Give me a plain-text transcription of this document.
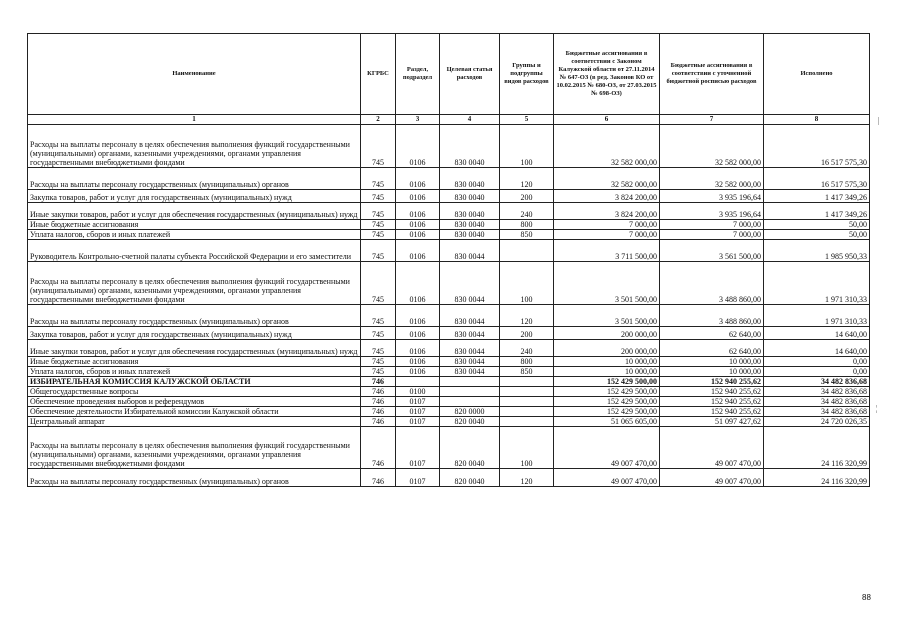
Наименование	КГРБС	Раздел, подраздел	Целевая статья расходов	Группы и подгруппы видов расходов	Бюджетные ассигнования в соответствии с Законом Калужской области от 27.11.2014 № 647-ОЗ (в ред. Законов КО от 10.02.2015 № 680-ОЗ, от 27.03.2015 № 698-ОЗ)	Бюджетные ассигнования в соответствии с уточненной бюджетной росписью расходов	Исполнено
1	2	3	4	5	6	7	8
Расходы на выплаты персоналу в целях обеспечения выполнения функций государственными (муниципальными) органами, казенными учреждениями, органами управления государственными внебюджетными фондами	745	0106	830 0040	100	32 582 000,00	32 582 000,00	16 517 575,30
Расходы на выплаты персоналу государственных (муниципальных) органов	745	0106	830 0040	120	32 582 000,00	32 582 000,00	16 517 575,30
Закупка товаров, работ и услуг для государственных (муниципальных) нужд	745	0106	830 0040	200	3 824 200,00	3 935 196,64	1 417 349,26
Иные закупки товаров, работ и услуг для обеспечения государственных (муниципальных) нужд	745	0106	830 0040	240	3 824 200,00	3 935 196,64	1 417 349,26
Иные бюджетные ассигнования	745	0106	830 0040	800	7 000,00	7 000,00	50,00
Уплата налогов, сборов и иных платежей	745	0106	830 0040	850	7 000,00	7 000,00	50,00
Руководитель Контрольно-счетной палаты субъекта Российской Федерации и его заместители	745	0106	830 0044		3 711 500,00	3 561 500,00	1 985 950,33
Расходы на выплаты персоналу в целях обеспечения выполнения функций государственными (муниципальными) органами, казенными учреждениями, органами управления государственными внебюджетными фондами	745	0106	830 0044	100	3 501 500,00	3 488 860,00	1 971 310,33
Расходы на выплаты персоналу государственных (муниципальных) органов	745	0106	830 0044	120	3 501 500,00	3 488 860,00	1 971 310,33
Закупка товаров, работ и услуг для государственных (муниципальных) нужд	745	0106	830 0044	200	200 000,00	62 640,00	14 640,00
Иные закупки товаров, работ и услуг для обеспечения государственных (муниципальных) нужд	745	0106	830 0044	240	200 000,00	62 640,00	14 640,00
Иные бюджетные ассигнования	745	0106	830 0044	800	10 000,00	10 000,00	0,00
Уплата налогов, сборов и иных платежей	745	0106	830 0044	850	10 000,00	10 000,00	0,00
ИЗБИРАТЕЛЬНАЯ КОМИССИЯ КАЛУЖСКОЙ ОБЛАСТИ	746				152 429 500,00	152 940 255,62	34 482 836,68
Общегосударственные вопросы	746	0100			152 429 500,00	152 940 255,62	34 482 836,68
Обеспечение проведения выборов и референдумов	746	0107			152 429 500,00	152 940 255,62	34 482 836,68
Обеспечение деятельности Избирательной комиссии Калужской области	746	0107	820 0000		152 429 500,00	152 940 255,62	34 482 836,68
Центральный аппарат	746	0107	820 0040		51 065 605,00	51 097 427,62	24 720 026,35
Расходы на выплаты персоналу в целях обеспечения выполнения функций государственными (муниципальными) органами, казенными учреждениями, органами управления государственными внебюджетными фондами	746	0107	820 0040	100	49 007 470,00	49 007 470,00	24 116 320,99
Расходы на выплаты персоналу государственных (муниципальных) органов	746	0107	820 0040	120	49 007 470,00	49 007 470,00	24 116 320,99
|
¦
88
